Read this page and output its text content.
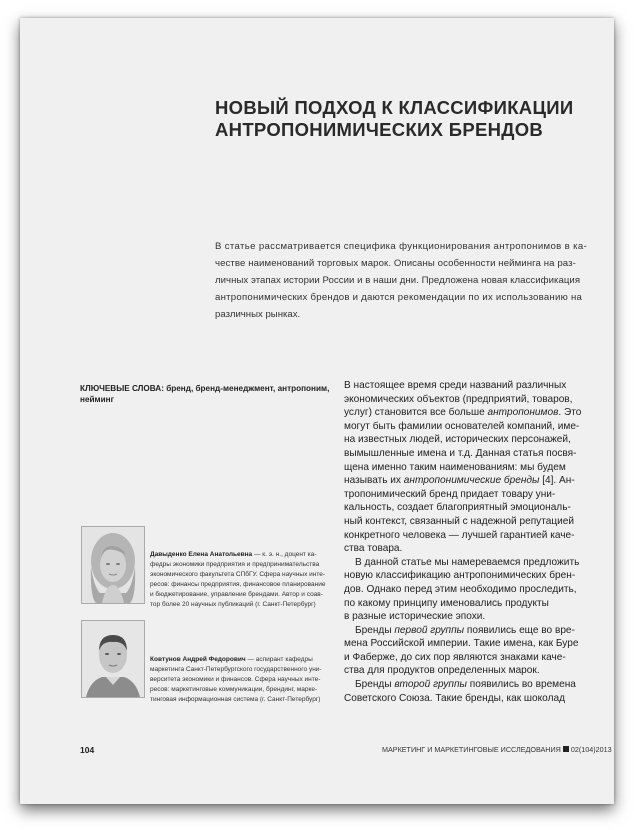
НОВЫЙ ПОДХОД К КЛАССИФИКАЦИИ
АНТРОПОНИМИЧЕСКИХ БРЕНДОВ
В статье рассматривается специфика функционирования антропонимов в ка-
честве наименований торговых марок. Описаны особенности нейминга на раз-
личных этапах истории России и в наши дни. Предложена новая классификация
антропонимических брендов и даются рекомендации по их использованию на
различных рынках.
КЛЮЧЕВЫЕ СЛОВА: бренд, бренд-менеджмент, антропоним,
нейминг
Давыденко Елена Анатольевна — к. э. н., доцент ка-
федры экономики предприятия и предпринимательства
экономического факультета СПбГУ. Сфера научных инте-
ресов: финансы предприятия, финансовое планирование
и бюджетирование, управление брендами. Автор и соав-
тор более 20 научных публикаций (г. Санкт-Петербург)
Ковтунов Андрей Федорович — аспирант кафедры
маркетинга Санкт-Петербургского государственного уни-
верситета экономики и финансов. Сфера научных инте-
ресов: маркетинговые коммуникации, брендинг, марке-
тинговая информационная система (г. Санкт-Петербург)
В настоящее время среди названий различных
экономических объектов (предприятий, товаров,
услуг) становится все больше антропонимов. Это
могут быть фамилии основателей компаний, име-
на известных людей, исторических персонажей,
вымышленные имена и т.д. Данная статья посвя-
щена именно таким наименованиям: мы будем
называть их антропонимические бренды [4]. Ан-
тропонимический бренд придает товару уни-
кальность, создает благоприятный эмоциональ-
ный контекст, связанный с надежной репутацией
конкретного человека — лучшей гарантией каче-
ства товара.
В данной статье мы намереваемся предложить
новую классификацию антропонимических брен-
дов. Однако перед этим необходимо проследить,
по какому принципу именовались продукты
в разные исторические эпохи.
Бренды первой группы появились еще во вре-
мена Российской империи. Такие имена, как Буре
и Фаберже, до сих пор являются знаками каче-
ства для продуктов определенных марок.
Бренды второй группы появились во времена
Советского Союза. Такие бренды, как шоколад
104	МАРКЕТИНГ И МАРКЕТИНГОВЫЕ ИССЛЕДОВАНИЯ 02(104)2013
